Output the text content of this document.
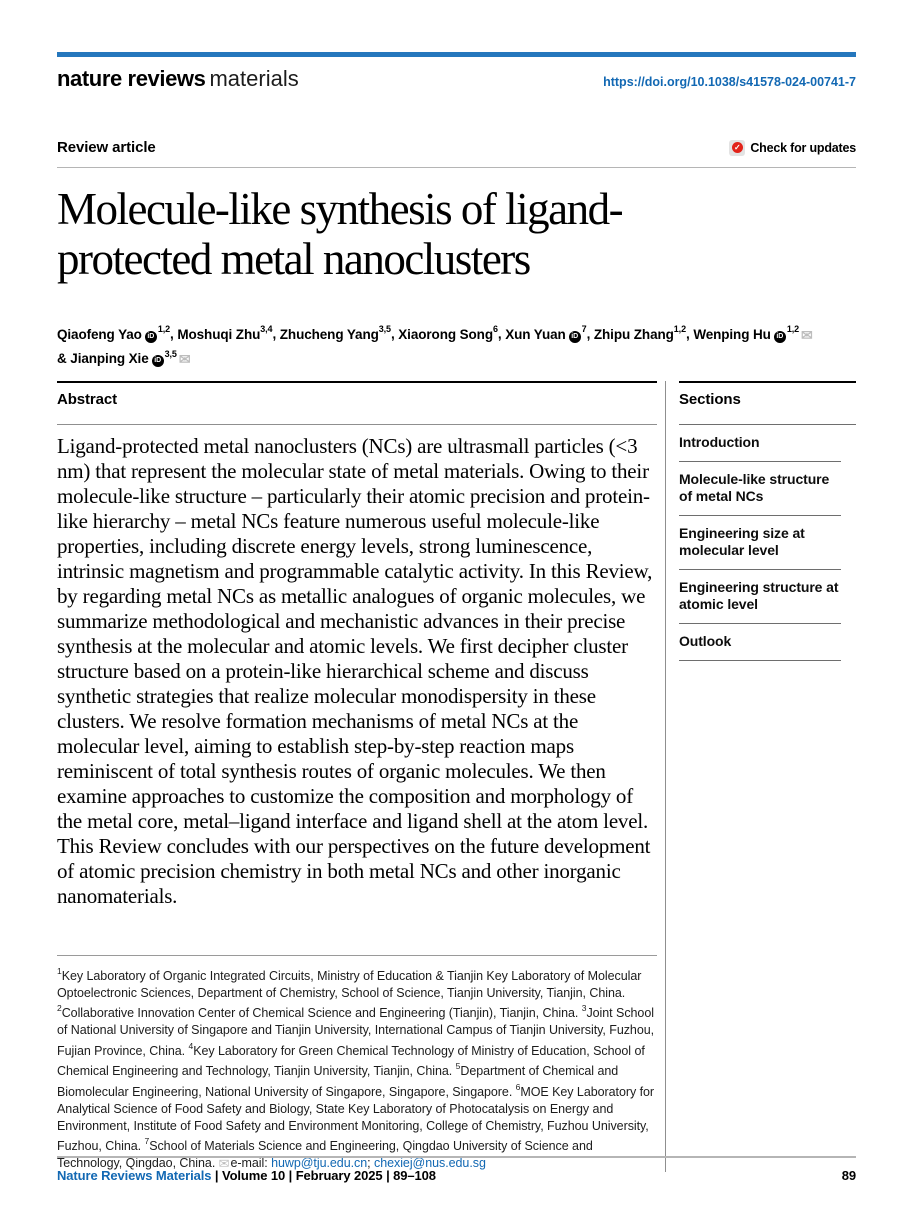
nature reviews materials	https://doi.org/10.1038/s41578-024-00741-7
Review article	✓ Check for updates
Molecule-like synthesis of ligand-protected metal nanoclusters
Qiaofeng Yao iD$^{1,2}$, Moshuqi Zhu$^{3,4}$, Zhucheng Yang$^{3,5}$, Xiaorong Song$^6$, Xun Yuan $iD^7$, Zhipu Zhang$^{1,2}$, Wenping Hu iD$^{1,2}$ ✉
& Jianping Xie iD$^{3,5}$ ✉
Abstract

Ligand-protected metal nanoclusters (NCs) are ultrasmall particles (<3 nm) that represent the molecular state of metal materials. Owing to their molecule-like structure – particularly their atomic precision and protein-like hierarchy – metal NCs feature numerous useful molecule-like properties, including discrete energy levels, strong luminescence, intrinsic magnetism and programmable catalytic activity. In this Review, by regarding metal NCs as metallic analogues of organic molecules, we summarize methodological and mechanistic advances in their precise synthesis at the molecular and atomic levels. We first decipher cluster structure based on a protein-like hierarchical scheme and discuss synthetic strategies that realize molecular monodispersity in these clusters. We resolve formation mechanisms of metal NCs at the molecular level, aiming to establish step-by-step reaction maps reminiscent of total synthesis routes of organic molecules. We then examine approaches to customize the composition and morphology of the metal core, metal–ligand interface and ligand shell at the atom level. This Review concludes with our perspectives on the future development of atomic precision chemistry in both metal NCs and other inorganic nanomaterials.

$^1$Key Laboratory of Organic Integrated Circuits, Ministry of Education & Tianjin Key Laboratory of Molecular Optoelectronic Sciences, Department of Chemistry, School of Science, Tianjin University, Tianjin, China. $^2$Collaborative Innovation Center of Chemical Science and Engineering (Tianjin), Tianjin, China. $^3$Joint School of National University of Singapore and Tianjin University, International Campus of Tianjin University, Fuzhou, Fujian Province, China. $^4$Key Laboratory for Green Chemical Technology of Ministry of Education, School of Chemical Engineering and Technology, Tianjin University, Tianjin, China. $^5$Department of Chemical and Biomolecular Engineering, National University of Singapore, Singapore, Singapore. $^6$MOE Key Laboratory for Analytical Science of Food Safety and Biology, State Key Laboratory of Photocatalysis on Energy and Environment, Institute of Food Safety and Environment Monitoring, College of Chemistry, Fuzhou University, Fuzhou, China. $^7$School of Materials Science and Engineering, Qingdao University of Science and Technology, Qingdao, China. ✉e-mail: huwp@tju.edu.cn; chexiej@nus.edu.sg
Sections
Introduction
Molecule-like structure of metal NCs
Engineering size at molecular level
Engineering structure at atomic level
Outlook
Nature Reviews Materials | Volume 10 | February 2025 | 89–108	89
